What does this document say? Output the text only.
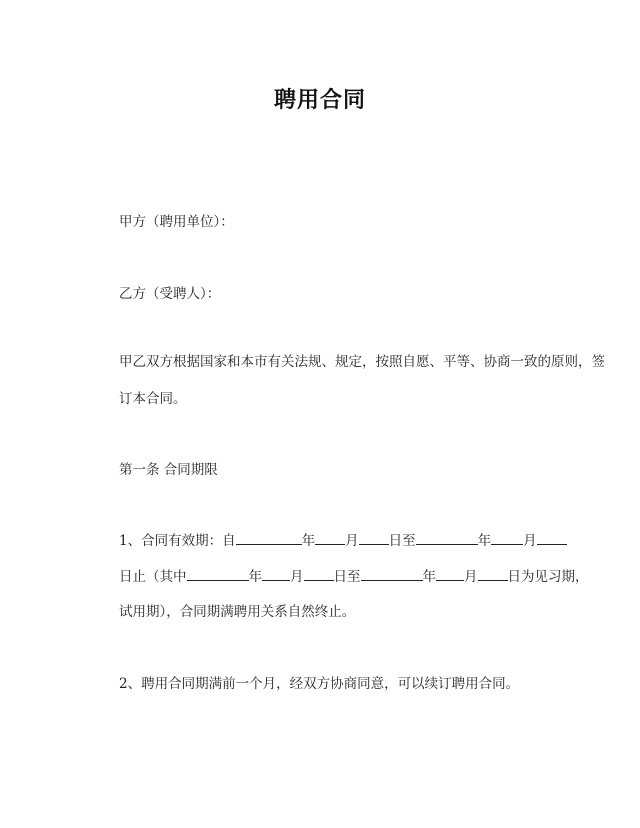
聘用合同
甲方（聘用单位）：
乙方（受聘人）：
甲乙双方根据国家和本市有关法规、规定，按照自愿、平等、协商一致的原则，签
订本合同。
第一条 合同期限
1、合同有效期：自	年 月 日至	年 月
日止（其中	年 月 日至	年 月 日为见习期，
试用期），合同期满聘用关系自然终止。
2、聘用合同期满前一个月，经双方协商同意，可以续订聘用合同。
